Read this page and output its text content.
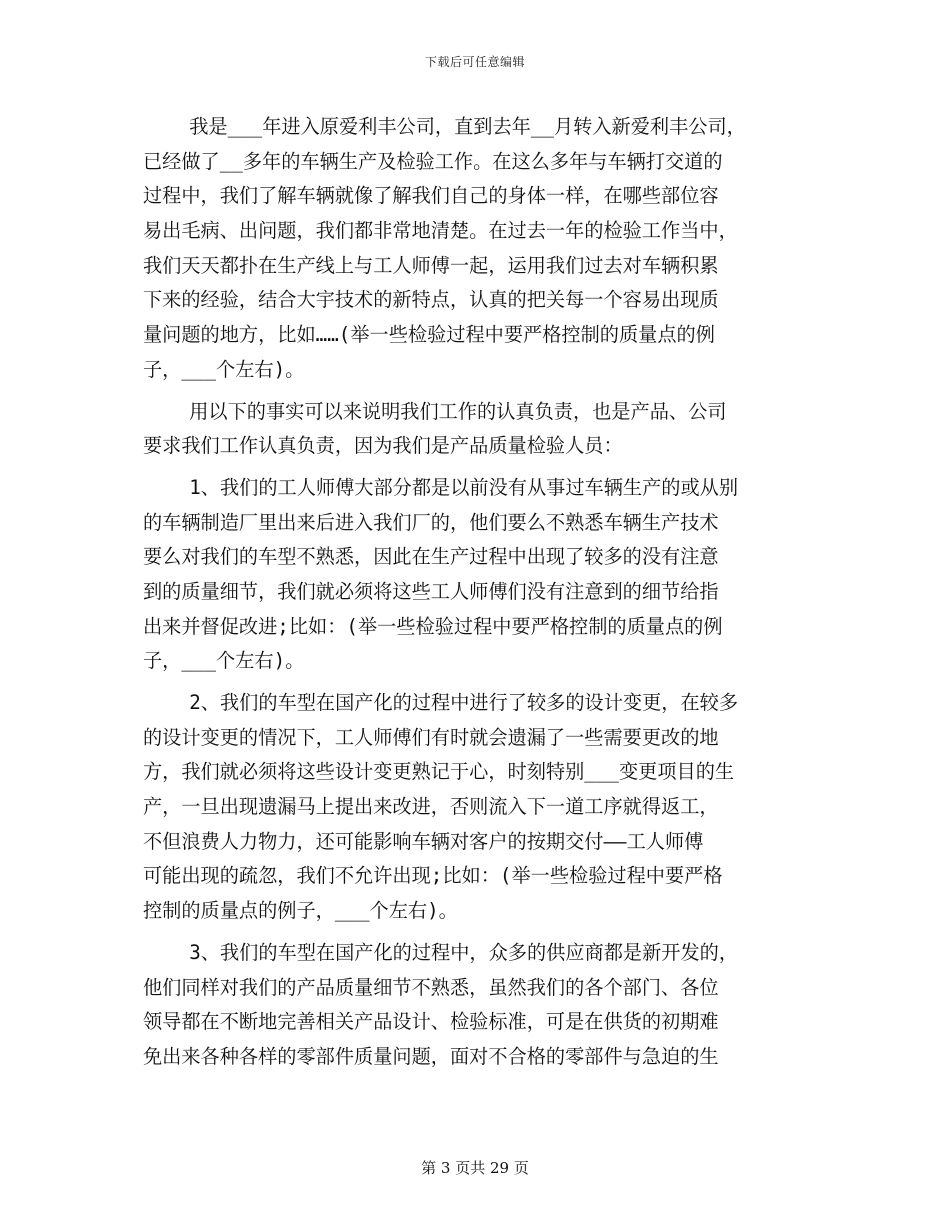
下载后可任意编辑
我是___年进入原爱利丰公司，直到去年__月转入新爱利丰公司，
已经做了__多年的车辆生产及检验工作。在这么多年与车辆打交道的
过程中，我们了解车辆就像了解我们自己的身体一样，在哪些部位容
易出毛病、出问题，我们都非常地清楚。在过去一年的检验工作当中，
我们天天都扑在生产线上与工人师傅一起，运用我们过去对车辆积累
下来的经验，结合大宇技术的新特点，认真的把关每一个容易出现质
量问题的地方，比如……(举一些检验过程中要严格控制的质量点的例
子，___个左右)。
用以下的事实可以来说明我们工作的认真负责，也是产品、公司
要求我们工作认真负责，因为我们是产品质量检验人员：
1、我们的工人师傅大部分都是以前没有从事过车辆生产的或从别
的车辆制造厂里出来后进入我们厂的，他们要么不熟悉车辆生产技术
要么对我们的车型不熟悉，因此在生产过程中出现了较多的没有注意
到的质量细节，我们就必须将这些工人师傅们没有注意到的细节给指
出来并督促改进;比如：(举一些检验过程中要严格控制的质量点的例
子，___个左右)。
2、我们的车型在国产化的过程中进行了较多的设计变更，在较多
的设计变更的情况下，工人师傅们有时就会遗漏了一些需要更改的地
方，我们就必须将这些设计变更熟记于心，时刻特别___变更项目的生
产，一旦出现遗漏马上提出来改进，否则流入下一道工序就得返工，
不但浪费人力物力，还可能影响车辆对客户的按期交付——工人师傅
可能出现的疏忽，我们不允许出现;比如：(举一些检验过程中要严格
控制的质量点的例子，___个左右)。
3、我们的车型在国产化的过程中，众多的供应商都是新开发的，
他们同样对我们的产品质量细节不熟悉，虽然我们的各个部门、各位
领导都在不断地完善相关产品设计、检验标准，可是在供货的初期难
免出来各种各样的零部件质量问题，面对不合格的零部件与急迫的生
第 3 页共 29 页
